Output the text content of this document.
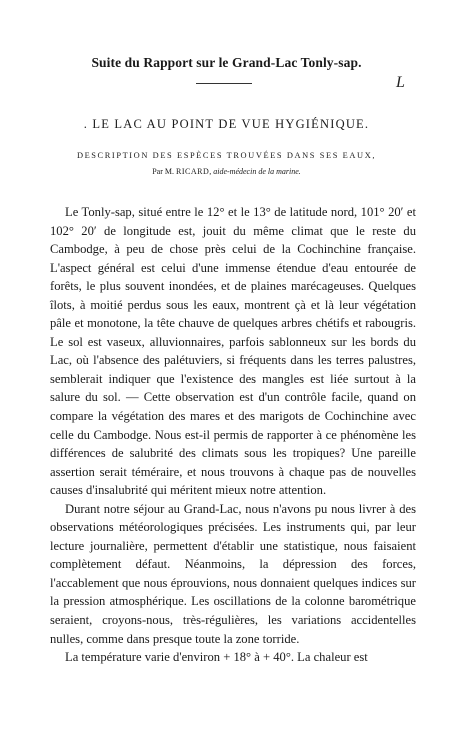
Suite du Rapport sur le Grand-Lac Tonly-sap.
L
. LE LAC AU POINT DE VUE HYGIÉNIQUE.
DESCRIPTION DES ESPÈCES TROUVÉES DANS SES EAUX,
Par M. RICARD, aide-médecin de la marine.

Le Tonly-sap, situé entre le 12° et le 13° de latitude nord, 101° 20′ et 102° 20′ de longitude est, jouit du même climat que le reste du Cambodge, à peu de chose près celui de la Cochinchine française. L'aspect général est celui d'une immense étendue d'eau entourée de forêts, le plus souvent inondées, et de plaines marécageuses. Quelques îlots, à moitié perdus sous les eaux, montrent çà et là leur végétation pâle et monotone, la tête chauve de quelques arbres chétifs et rabougris. Le sol est vaseux, alluvionnaires, parfois sablonneux sur les bords du Lac, où l'absence des palétuviers, si fréquents dans les terres palustres, semblerait indiquer que l'existence des mangles est liée surtout à la salure du sol. — Cette observation est d'un contrôle facile, quand on compare la végétation des mares et des marigots de Cochinchine avec celle du Cambodge. Nous est-il permis de rapporter à ce phénomène les différences de salubrité des climats sous les tropiques? Une pareille assertion serait téméraire, et nous trouvons à chaque pas de nouvelles causes d'insalubrité qui méritent mieux notre attention.

Durant notre séjour au Grand-Lac, nous n'avons pu nous livrer à des observations météorologiques précisées. Les instruments qui, par leur lecture journalière, permettent d'établir une statistique, nous faisaient complètement défaut. Néanmoins, la dépression des forces, l'accablement que nous éprouvions, nous donnaient quelques indices sur la pression atmosphérique. Les oscillations de la colonne barométrique seraient, croyons-nous, très-régulières, les variations accidentelles nulles, comme dans presque toute la zone torride.

La température varie d'environ + 18° à + 40°. La chaleur est
